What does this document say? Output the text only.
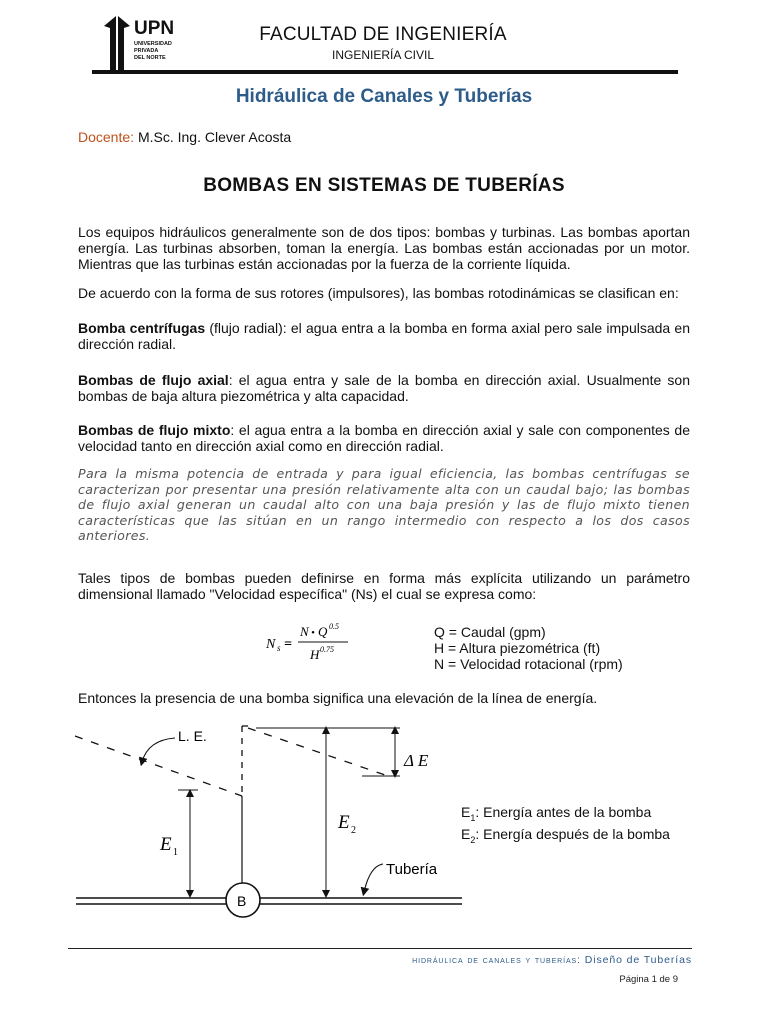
UPN
UNIVERSIDAD
PRIVADA
DEL NORTE
FACULTAD DE INGENIERÍA
INGENIERÍA CIVIL
Hidráulica de Canales y Tuberías
Docente: M.Sc. Ing. Clever Acosta
BOMBAS EN SISTEMAS DE TUBERÍAS
Los equipos hidráulicos generalmente son de dos tipos: bombas y turbinas. Las bombas aportan energía. Las turbinas absorben, toman la energía. Las bombas están accionadas por un motor. Mientras que las turbinas están accionadas por la fuerza de la corriente líquida.
De acuerdo con la forma de sus rotores (impulsores), las bombas rotodinámicas se clasifican en:
Bomba centrífugas (flujo radial): el agua entra a la bomba en forma axial pero sale impulsada en dirección radial.
Bombas de flujo axial: el agua entra y sale de la bomba en dirección axial. Usualmente son bombas de baja altura piezométrica y alta capacidad.
Bombas de flujo mixto: el agua entra a la bomba en dirección axial y sale con componentes de velocidad tanto en dirección axial como en dirección radial.
Para la misma potencia de entrada y para igual eficiencia, las bombas centrífugas se caracterizan por presentar una presión relativamente alta con un caudal bajo; las bombas de flujo axial generan un caudal alto con una baja presión y las de flujo mixto tienen características que las sitúan en un rango intermedio con respecto a los dos casos anteriores.
Tales tipos de bombas pueden definirse en forma más explícita utilizando un parámetro dimensional llamado "Velocidad específica" (Ns) el cual se expresa como:
N s =
N • Q 0.5
H 0.75
Q = Caudal (gpm)
H = Altura piezométrica (ft)
N = Velocidad rotacional (rpm)
Entonces la presencia de una bomba significa una elevación de la línea de energía.
L. E.
Δ E
E 1
E 2
Tubería
B
$E_1$: Energía antes de la bomba
$E_2$: Energía después de la bomba
hidráulica de canales y tuberías: Diseño de Tuberías
Página 1 de 9
